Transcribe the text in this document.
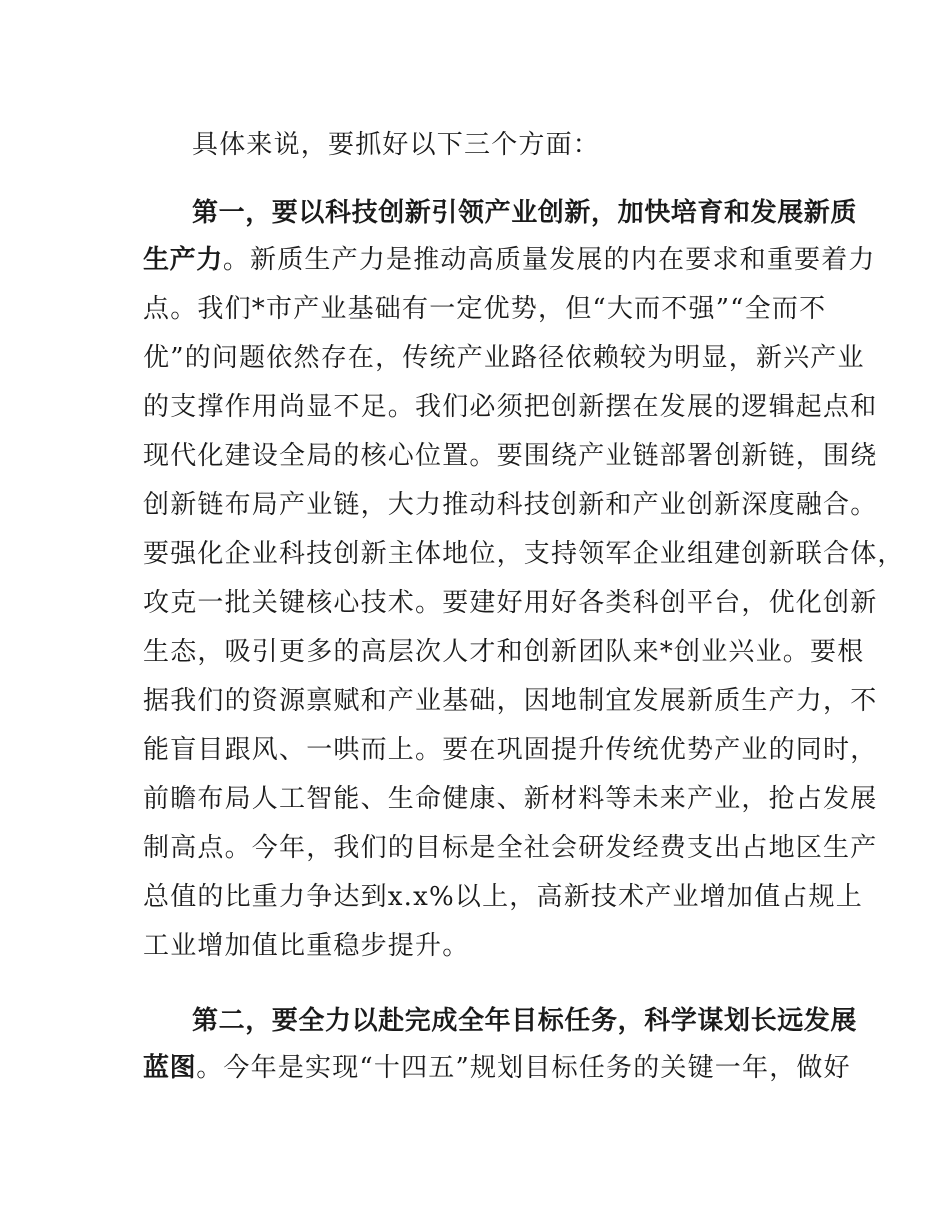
具体来说，要抓好以下三个方面：
第一，要以科技创新引领产业创新，加快培育和发展新质
生产力。新质生产力是推动高质量发展的内在要求和重要着力
点。我们*市产业基础有一定优势，但“大而不强”“全而不
优”的问题依然存在，传统产业路径依赖较为明显，新兴产业
的支撑作用尚显不足。我们必须把创新摆在发展的逻辑起点和
现代化建设全局的核心位置。要围绕产业链部署创新链，围绕
创新链布局产业链，大力推动科技创新和产业创新深度融合。
要强化企业科技创新主体地位，支持领军企业组建创新联合体，
攻克一批关键核心技术。要建好用好各类科创平台，优化创新
生态，吸引更多的高层次人才和创新团队来*创业兴业。要根
据我们的资源禀赋和产业基础，因地制宜发展新质生产力，不
能盲目跟风、一哄而上。要在巩固提升传统优势产业的同时，
前瞻布局人工智能、生命健康、新材料等未来产业，抢占发展
制高点。今年，我们的目标是全社会研发经费支出占地区生产
总值的比重力争达到x.x%以上，高新技术产业增加值占规上
工业增加值比重稳步提升。
第二，要全力以赴完成全年目标任务，科学谋划长远发展
蓝图。今年是实现“十四五”规划目标任务的关键一年，做好
